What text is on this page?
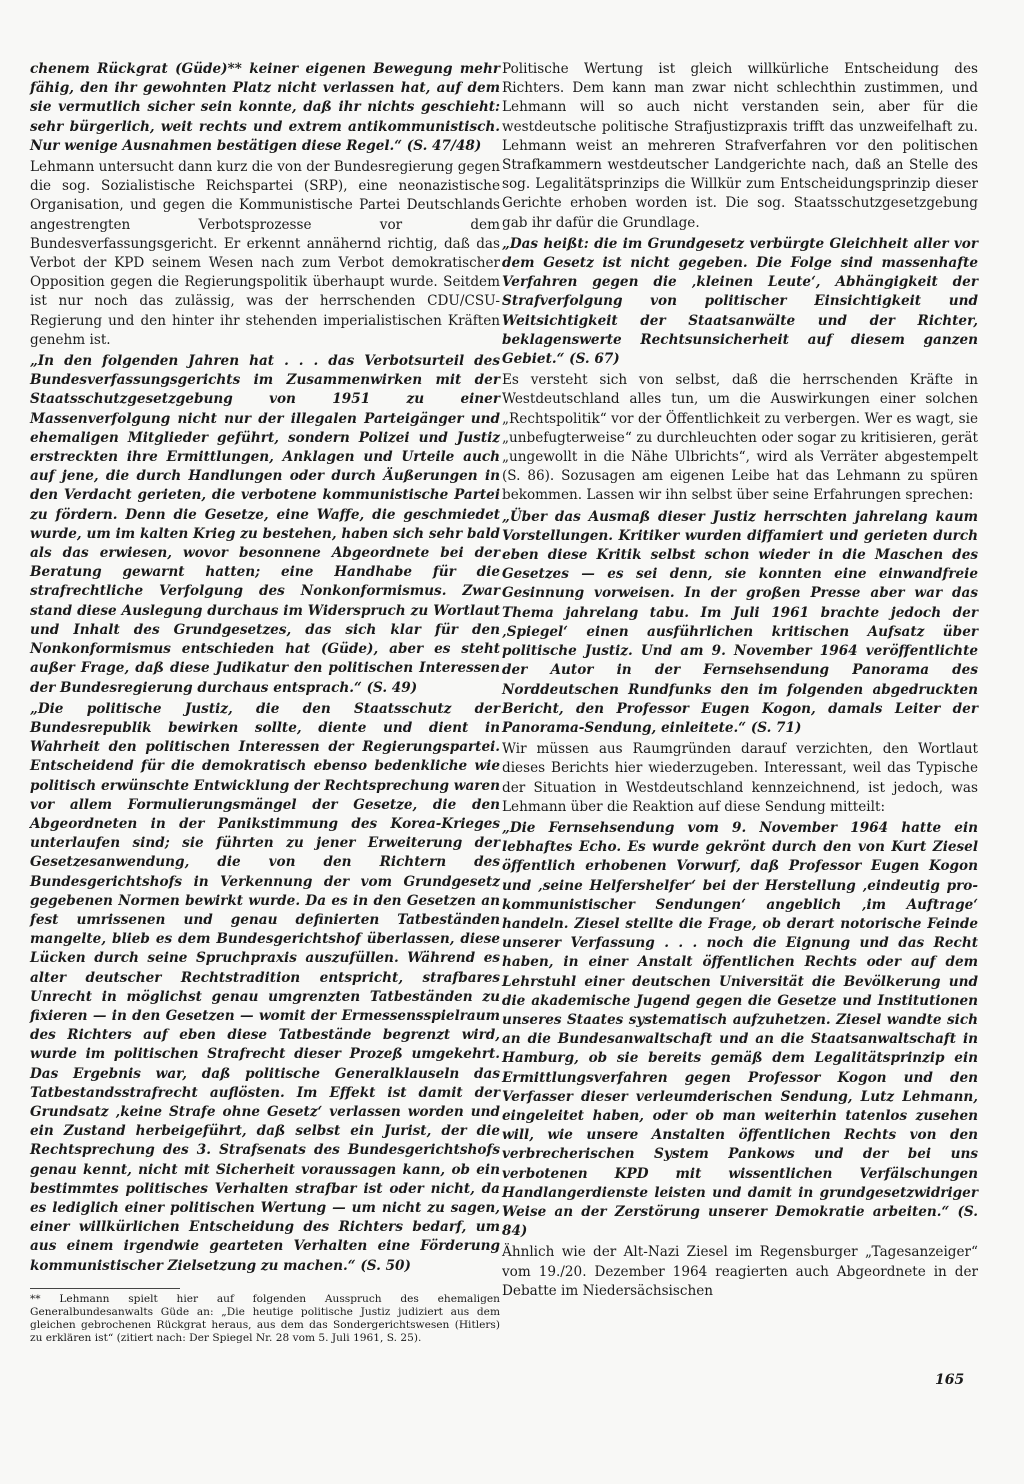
chenem Rückgrat (Güde)** keiner eigenen Bewegung mehr fähig, den ihr gewohnten Platz nicht verlassen hat, auf dem sie vermutlich sicher sein konnte, daß ihr nichts geschieht: sehr bürgerlich, weit rechts und extrem antikommunistisch. Nur wenige Ausnahmen bestätigen diese Regel.“ (S. 47/48)

Lehmann untersucht dann kurz die von der Bundesregierung gegen die sog. Sozialistische Reichspartei (SRP), eine neonazistische Organisation, und gegen die Kommunistische Partei Deutschlands angestrengten Verbotsprozesse vor dem Bundesverfassungsgericht. Er erkennt annähernd richtig, daß das Verbot der KPD seinem Wesen nach zum Verbot demokratischer Opposition gegen die Regierungspolitik überhaupt wurde. Seitdem ist nur noch das zulässig, was der herrschenden CDU/CSU-Regierung und den hinter ihr stehenden imperialistischen Kräften genehm ist.

„In den folgenden Jahren hat . . . das Verbotsurteil des Bundesverfassungsgerichts im Zusammenwirken mit der Staatsschutzgesetzgebung von 1951 zu einer Massenverfolgung nicht nur der illegalen Parteigänger und ehemaligen Mitglieder geführt, sondern Polizei und Justiz erstreckten ihre Ermittlungen, Anklagen und Urteile auch auf jene, die durch Handlungen oder durch Äußerungen in den Verdacht gerieten, die verbotene kommunistische Partei zu fördern. Denn die Gesetze, eine Waffe, die geschmiedet wurde, um im kalten Krieg zu bestehen, haben sich sehr bald als das erwiesen, wovor besonnene Abgeordnete bei der Beratung gewarnt hatten; eine Handhabe für die strafrechtliche Verfolgung des Nonkonformismus. Zwar stand diese Auslegung durchaus im Widerspruch zu Wortlaut und Inhalt des Grundgesetzes, das sich klar für den Nonkonformismus entschieden hat (Güde), aber es steht außer Frage, daß diese Judikatur den politischen Interessen der Bundesregierung durchaus entsprach.“ (S. 49)

„Die politische Justiz, die den Staatsschutz der Bundesrepublik bewirken sollte, diente und dient in Wahrheit den politischen Interessen der Regierungspartei. Entscheidend für die demokratisch ebenso bedenkliche wie politisch erwünschte Entwicklung der Rechtsprechung waren vor allem Formulierungsmängel der Gesetze, die den Abgeordneten in der Panikstimmung des Korea-Krieges unterlaufen sind; sie führten zu jener Erweiterung der Gesetzesanwendung, die von den Richtern des Bundesgerichtshofs in Verkennung der vom Grundgesetz gegebenen Normen bewirkt wurde. Da es in den Gesetzen an fest umrissenen und genau definierten Tatbeständen mangelte, blieb es dem Bundesgerichtshof überlassen, diese Lücken durch seine Spruchpraxis auszufüllen. Während es alter deutscher Rechtstradition entspricht, strafbares Unrecht in möglichst genau umgrenzten Tatbeständen zu fixieren — in den Gesetzen — womit der Ermessensspielraum des Richters auf eben diese Tatbestände begrenzt wird, wurde im politischen Strafrecht dieser Prozeß umgekehrt. Das Ergebnis war, daß politische Generalklauseln das Tatbestandsstrafrecht auflösten. Im Effekt ist damit der Grundsatz ‚keine Strafe ohne Gesetz‘ verlassen worden und ein Zustand herbeigeführt, daß selbst ein Jurist, der die Rechtsprechung des 3. Strafsenats des Bundesgerichtshofs genau kennt, nicht mit Sicherheit voraussagen kann, ob ein bestimmtes politisches Verhalten strafbar ist oder nicht, da es lediglich einer politischen Wertung — um nicht zu sagen, einer willkürlichen Entscheidung des Richters bedarf, um aus einem irgendwie gearteten Verhalten eine Förderung kommunistischer Zielsetzung zu machen.“ (S. 50)

** Lehmann spielt hier auf folgenden Ausspruch des ehemaligen Generalbundesanwalts Güde an: „Die heutige politische Justiz judiziert aus dem gleichen gebrochenen Rückgrat heraus, aus dem das Sondergerichtswesen (Hitlers) zu erklären ist“ (zitiert nach: Der Spiegel Nr. 28 vom 5. Juli 1961, S. 25).

Politische Wertung ist gleich willkürliche Entscheidung des Richters. Dem kann man zwar nicht schlechthin zustimmen, und Lehmann will so auch nicht verstanden sein, aber für die westdeutsche politische Strafjustizpraxis trifft das unzweifelhaft zu. Lehmann weist an mehreren Strafverfahren vor den politischen Strafkammern westdeutscher Landgerichte nach, daß an Stelle des sog. Legalitätsprinzips die Willkür zum Entscheidungsprinzip dieser Gerichte erhoben worden ist. Die sog. Staatsschutzgesetzgebung gab ihr dafür die Grundlage.

„Das heißt: die im Grundgesetz verbürgte Gleichheit aller vor dem Gesetz ist nicht gegeben. Die Folge sind massenhafte Verfahren gegen die ‚kleinen Leute‘, Abhängigkeit der Strafverfolgung von politischer Einsichtigkeit und Weitsichtigkeit der Staatsanwälte und der Richter, beklagenswerte Rechtsunsicherheit auf diesem ganzen Gebiet.“ (S. 67)

Es versteht sich von selbst, daß die herrschenden Kräfte in Westdeutschland alles tun, um die Auswirkungen einer solchen „Rechtspolitik“ vor der Öffentlichkeit zu verbergen. Wer es wagt, sie „unbefugterweise“ zu durchleuchten oder sogar zu kritisieren, gerät „ungewollt in die Nähe Ulbrichts“, wird als Verräter abgestempelt (S. 86). Sozusagen am eigenen Leibe hat das Lehmann zu spüren bekommen. Lassen wir ihn selbst über seine Erfahrungen sprechen:

„Über das Ausmaß dieser Justiz herrschten jahrelang kaum Vorstellungen. Kritiker wurden diffamiert und gerieten durch eben diese Kritik selbst schon wieder in die Maschen des Gesetzes — es sei denn, sie konnten eine einwandfreie Gesinnung vorweisen. In der großen Presse aber war das Thema jahrelang tabu. Im Juli 1961 brachte jedoch der ‚Spiegel‘ einen ausführlichen kritischen Aufsatz über politische Justiz. Und am 9. November 1964 veröffentlichte der Autor in der Fernsehsendung Panorama des Norddeutschen Rundfunks den im folgenden abgedruckten Bericht, den Professor Eugen Kogon, damals Leiter der Panorama-Sendung, einleitete.“ (S. 71)

Wir müssen aus Raumgründen darauf verzichten, den Wortlaut dieses Berichts hier wiederzugeben. Interessant, weil das Typische der Situation in Westdeutschland kennzeichnend, ist jedoch, was Lehmann über die Reaktion auf diese Sendung mitteilt:

„Die Fernsehsendung vom 9. November 1964 hatte ein lebhaftes Echo. Es wurde gekrönt durch den von Kurt Ziesel öffentlich erhobenen Vorwurf, daß Professor Eugen Kogon und ‚seine Helfershelfer‘ bei der Herstellung ‚eindeutig pro-kommunistischer Sendungen‘ angeblich ‚im Auftrage‘ handeln. Ziesel stellte die Frage, ob derart notorische Feinde unserer Verfassung . . . noch die Eignung und das Recht haben, in einer Anstalt öffentlichen Rechts oder auf dem Lehrstuhl einer deutschen Universität die Bevölkerung und die akademische Jugend gegen die Gesetze und Institutionen unseres Staates systematisch aufzuhetzen. Ziesel wandte sich an die Bundesanwaltschaft und an die Staatsanwaltschaft in Hamburg, ob sie bereits gemäß dem Legalitätsprinzip ein Ermittlungsverfahren gegen Professor Kogon und den Verfasser dieser verleumderischen Sendung, Lutz Lehmann, eingeleitet haben, oder ob man weiterhin tatenlos zusehen will, wie unsere Anstalten öffentlichen Rechts von den verbrecherischen System Pankows und der bei uns verbotenen KPD mit wissentlichen Verfälschungen Handlangerdienste leisten und damit in grundgesetzwidriger Weise an der Zerstörung unserer Demokratie arbeiten.“ (S. 84)

Ähnlich wie der Alt-Nazi Ziesel im Regensburger „Tagesanzeiger“ vom 19./20. Dezember 1964 reagierten auch Abgeordnete in der Debatte im Niedersächsischen

165
